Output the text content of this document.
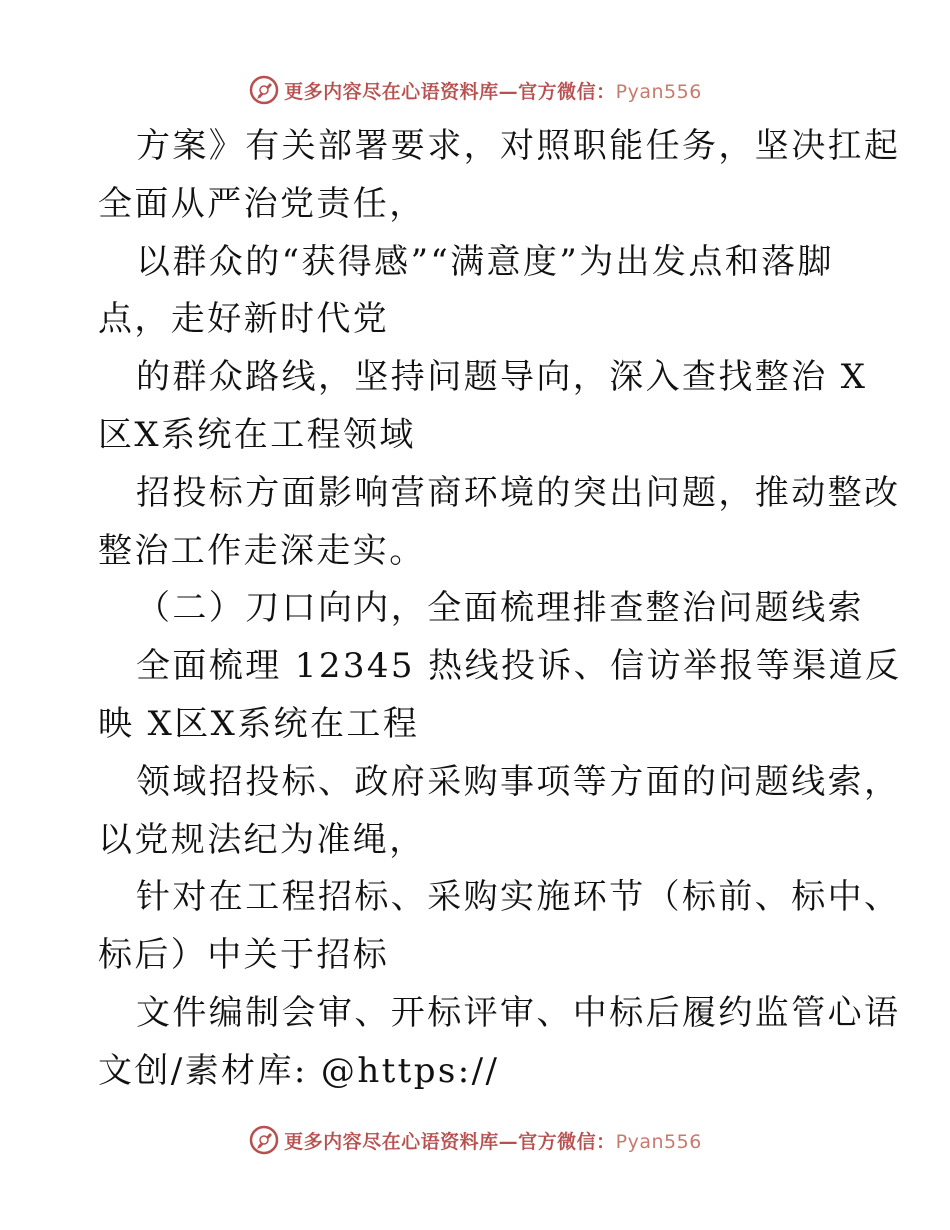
更多内容尽在心语资料库—官方微信：Pyan556
方案》有关部署要求，对照职能任务，坚决扛起
全面从严治党责任，
以群众的“获得感”“满意度”为出发点和落脚
点，走好新时代党
的群众路线，坚持问题导向，深入查找整治 X
区X系统在工程领域
招投标方面影响营商环境的突出问题，推动整改
整治工作走深走实。
（二）刀口向内，全面梳理排查整治问题线索
全面梳理 12345 热线投诉、信访举报等渠道反
映 X区X系统在工程
领域招投标、政府采购事项等方面的问题线索，
以党规法纪为准绳，
针对在工程招标、采购实施环节（标前、标中、
标后）中关于招标
文件编制会审、开标评审、中标后履约监管心语
文创/素材库: @https://
更多内容尽在心语资料库—官方微信：Pyan556
